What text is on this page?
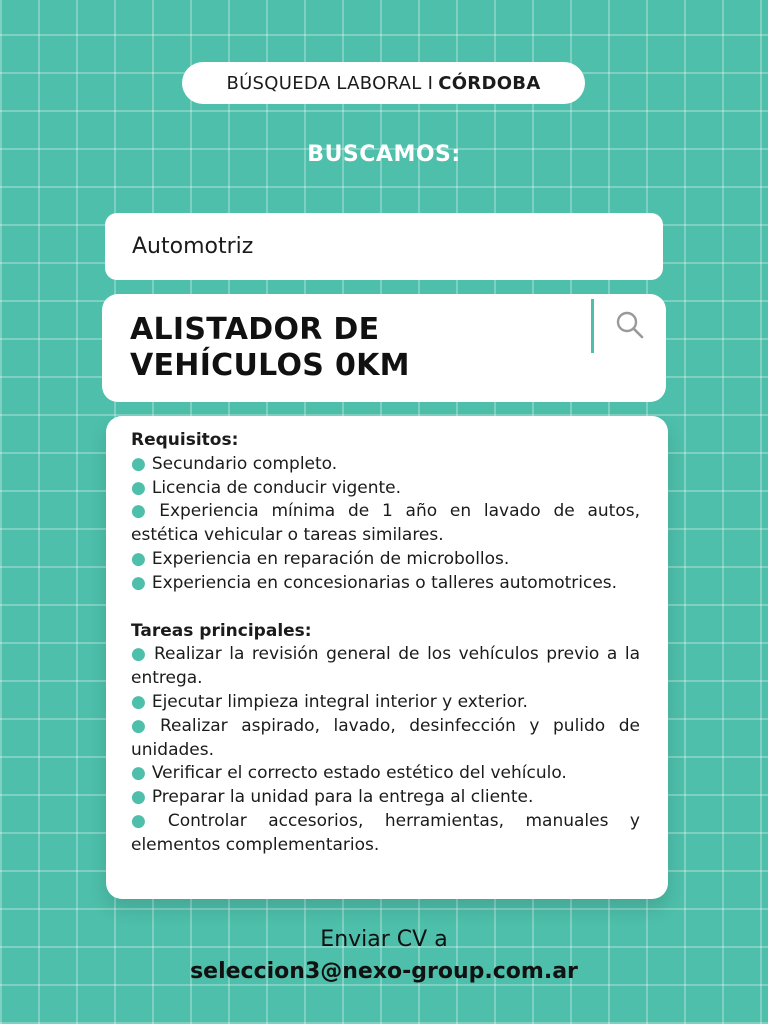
BÚSQUEDA LABORAL I CÓRDOBA
BUSCAMOS:
Automotriz
ALISTADOR DE
VEHÍCULOS 0KM
Requisitos:
● Secundario completo.
● Licencia de conducir vigente.
● Experiencia mínima de 1 año en lavado de autos, estética vehicular o tareas similares.
● Experiencia en reparación de microbollos.
● Experiencia en concesionarias o talleres automotrices.
Tareas principales:
● Realizar la revisión general de los vehículos previo a la entrega.
● Ejecutar limpieza integral interior y exterior.
● Realizar aspirado, lavado, desinfección y pulido de unidades.
● Verificar el correcto estado estético del vehículo.
● Preparar la unidad para la entrega al cliente.
● Controlar accesorios, herramientas, manuales y elementos complementarios.
Enviar CV a
seleccion3@nexo-group.com.ar
